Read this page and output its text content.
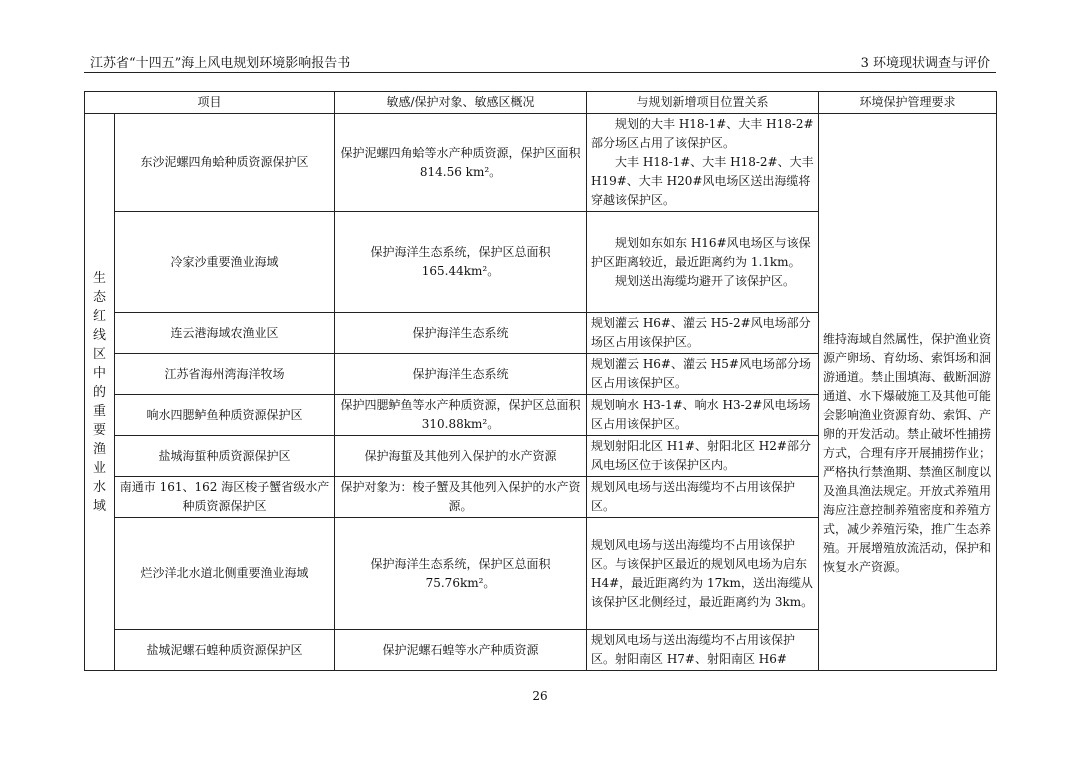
江苏省“十四五”海上风电规划环境影响报告书	3 环境现状调查与评价
项目		敏感/保护对象、敏感区概况	与规划新增项目位置关系	环境保护管理要求
生态红线区中的重要渔业水域	东沙泥螺四角蛤种质资源保护区	保护泥螺四角蛤等水产种质资源，保护区面积 814.56 km²。	规划的大丰 H18-1#、大丰 H18-2#部分场区占用了该保护区。
大丰 H18-1#、大丰 H18-2#、大丰 H19#、大丰 H20#风电场区送出海缆将穿越该保护区。	维持海域自然属性，保护渔业资源产卵场、育幼场、索饵场和洄游通道。禁止围填海、截断洄游通道、水下爆破施工及其他可能会影响渔业资源育幼、索饵、产卵的开发活动。禁止破坏性捕捞方式，合理有序开展捕捞作业；严格执行禁渔期、禁渔区制度以及渔具渔法规定。开放式养殖用海应注意控制养殖密度和养殖方式，减少养殖污染，推广生态养殖。开展增殖放流活动，保护和恢复水产资源。

	冷家沙重要渔业海域	保护海洋生态系统，保护区总面积 165.44km²。	规划如东如东 H16#风电场区与该保护区距离较近，最近距离约为 1.1km。
规划送出海缆均避开了该保护区。	

	连云港海域农渔业区	保护海洋生态系统	规划灌云 H6#、灌云 H5-2#风电场部分场区占用该保护区。	

	江苏省海州湾海洋牧场	保护海洋生态系统	规划灌云 H6#、灌云 H5#风电场部分场区占用该保护区。	

	响水四腮鲈鱼种质资源保护区	保护四腮鲈鱼等水产种质资源，保护区总面积 310.88km²。	规划响水 H3-1#、响水 H3-2#风电场场区占用该保护区。	

	盐城海蜇种质资源保护区	保护海蜇及其他列入保护的水产资源	规划射阳北区 H1#、射阳北区 H2#部分风电场区位于该保护区内。	

	南通市 161、162 海区梭子蟹省级水产种质资源保护区	保护对象为：梭子蟹及其他列入保护的水产资源。	规划风电场与送出海缆均不占用该保护区。	

	烂沙洋北水道北侧重要渔业海域	保护海洋生态系统，保护区总面积 75.76km²。	规划风电场与送出海缆均不占用该保护区。与该保护区最近的规划风电场为启东 H4#，最近距离约为 17km，送出海缆从该保护区北侧经过，最近距离约为 3km。	

	盐城泥螺石蝗种质资源保护区	保护泥螺石蝗等水产种质资源	规划风电场与送出海缆均不占用该保护区。射阳南区 H7#、射阳南区 H6#	
26
